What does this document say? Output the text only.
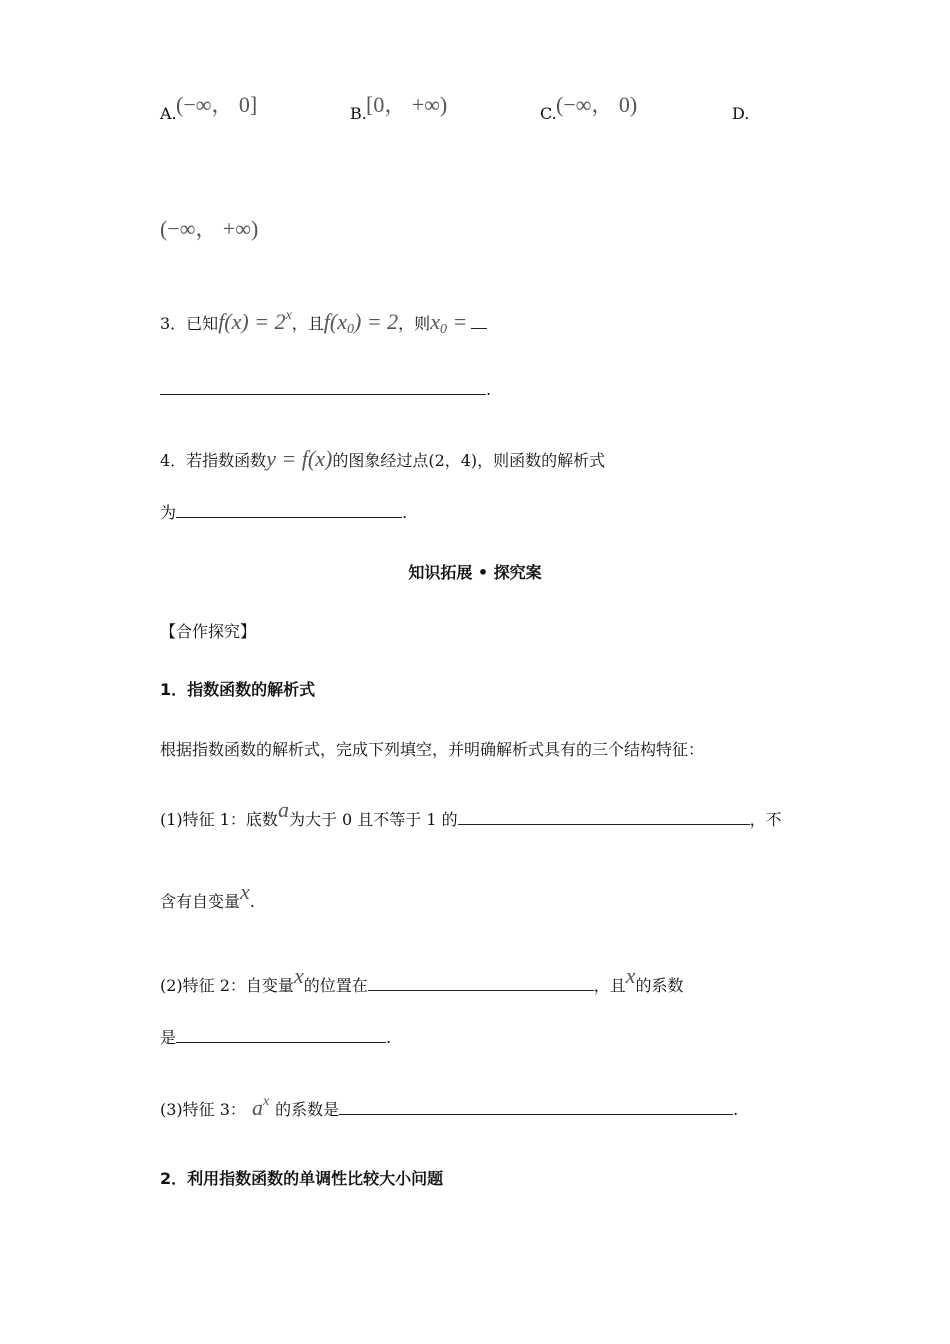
A. (−∞， 0]	B. [0， +∞)	C. (−∞， 0)	D.
(−∞， +∞)
3．已知$f(x) = 2^x$，且f(x0) = 2，则x0 =
.
4．若指数函数y = f(x)的图象经过点(2，4)，则函数的解析式
为	.
知识拓展 • 探究案
【合作探究】
1．指数函数的解析式
根据指数函数的解析式，完成下列填空，并明确解析式具有的三个结构特征：
(1)特征 1：底数a为大于 0 且不等于 1 的	，不
含有自变量x.
(2)特征 2：自变量x的位置在	，且x的系数
是	.
(3)特征 3： $a^x$ 的系数是	.
2．利用指数函数的单调性比较大小问题
